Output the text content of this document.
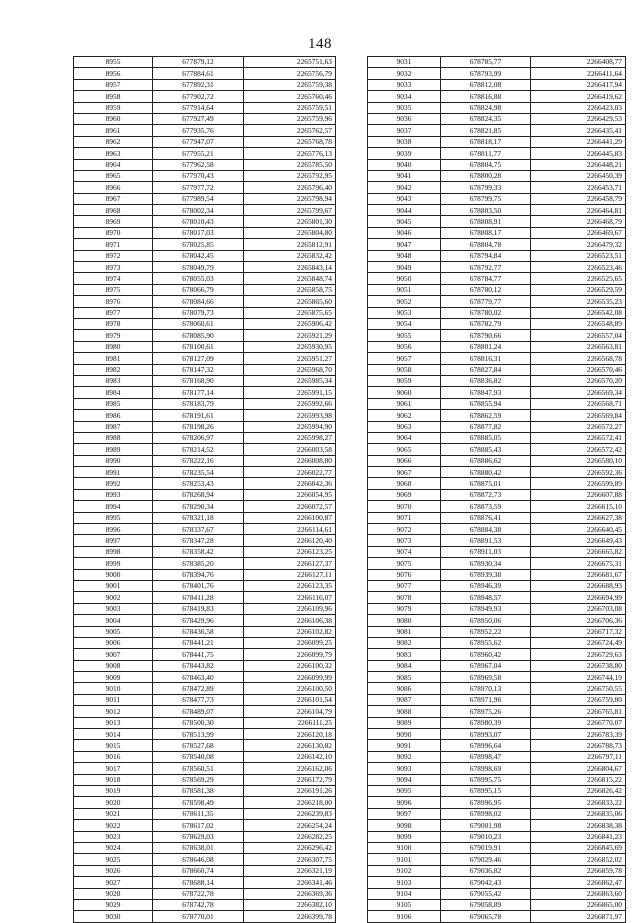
148
8955	677879,12	2265751,63
8956	677884,61	2265756,79
8957	677892,31	2265759,38
8958	677902,72	2265760,46
8959	677914,64	2265759,51
8960	677927,49	2265759,96
8961	677935,76	2265762,57
8962	677947,07	2265768,78
8963	677955,21	2265776,13
8964	677962,58	2265785,50
8965	677970,43	2265792,95
8966	677977,72	2265796,40
8967	677989,54	2265798,94
8968	678002,34	2265799,67
8969	678010,43	2265801,30
8970	678017,03	2265804,80
8971	678025,85	2265812,91
8972	678042,45	2265832,42
8973	678049,79	2265843,14
8974	678055,03	2265848,74
8975	678066,79	2265858,75
8976	678084,66	2265865,60
8977	678079,73	2265875,65
8978	678060,61	2265906,42
8979	678085,90	2265921,29
8980	678100,61	2265930,95
8981	678127,09	2265951,27
8982	678147,32	2265968,70
8983	678168,90	2265985,34
8984	678177,14	2265991,15
8985	678183,79	2265992,66
8986	678191,61	2265993,98
8987	678198,26	2265994,90
8988	678206,97	2265998,27
8989	678214,52	2266003,58
8990	678222,16	2266008,80
8991	678235,54	2266022,77
8992	678253,43	2266042,36
8993	678268,94	2266054,95
8994	678290,34	2266072,57
8995	678321,18	2266100,87
8996	678337,67	2266114,61
8997	678347,28	2266120,40
8998	678358,42	2266123,25
8999	678385,20	2266127,37
9000	678394,76	2266127,11
9001	678401,76	2266123,35
9002	678411,28	2266116,07
9003	678419,83	2266109,96
9004	678429,96	2266106,38
9005	678436,58	2266102,82
9006	678441,21	2266099,25
9007	678441,75	2266099,79
9008	678443,82	2266100,32
9009	678463,40	2266099,99
9010	678472,89	2266100,50
9011	678477,73	2266101,54
9012	678489,07	2266104,79
9013	678500,30	2266111,25
9014	678513,99	2266120,18
9015	678527,68	2266130,82
9016	678540,08	2266142,10
9017	678560,51	2266162,06
9018	678569,29	2266172,79
9019	678581,38	2266191,26
9020	678598,49	2266218,00
9021	678611,35	2266239,83
9022	678617,02	2266254,24
9023	678629,03	2266282,25
9024	678638,01	2266296,42
9025	678646,08	2266307,75
9026	678660,74	2266321,19
9027	678688,14	2266341,46
9028	678722,78	2266369,36
9029	678742,78	2266382,10
9030	678770,01	2266399,78
9031	678785,77	2266408,77
9032	678793,99	2266411,64
9033	678812,08	2266417,94
9034	678816,88	2266419,62
9035	678824,98	2266423,03
9036	678824,35	2266429,53
9037	678821,85	2266435,41
9038	678818,17	2266441,29
9039	678811,77	2266445,83
9040	678804,75	2266448,21
9041	678800,28	2266450,39
9042	678799,33	2266453,71
9043	678799,75	2266458,79
9044	678803,50	2266464,81
9045	678808,91	2266468,79
9046	678808,17	2266469,67
9047	678804,78	2266479,32
9048	678794,84	2266523,51
9049	678792,77	2266523,46
9050	678784,77	2266525,65
9051	678780,12	2266529,59
9052	678779,77	2266535,23
9053	678780,02	2266542,08
9054	678782,79	2266548,89
9055	678790,66	2266557,04
9056	678801,24	2266563,81
9057	678816,31	2266568,78
9058	678827,84	2266570,46
9059	678836,82	2266570,20
9060	678847,93	2266569,34
9061	678855,94	2266568,71
9062	678862,59	2266569,84
9063	678877,82	2266572,27
9064	678885,05	2266572,41
9065	678885,43	2266572,42
9066	678886,62	2266580,10
9067	678880,42	2266592,36
9068	678875,01	2266599,89
9069	678872,73	2266607,88
9070	678873,59	2266615,10
9071	678876,41	2266627,38
9072	678884,38	2266640,45
9073	678891,53	2266649,43
9074	678911,03	2266665,82
9075	678930,34	2266675,31
9076	678939,38	2266681,67
9077	678946,39	2266688,93
9078	678948,57	2266694,99
9079	678949,93	2266703,08
9080	678950,06	2266706,36
9081	678952,22	2266717,32
9082	678955,62	2266724,49
9083	678960,42	2266729,63
9084	678967,04	2266738,80
9085	678969,58	2266744,19
9086	678970,13	2266750,55
9087	678971,96	2266759,80
9088	678975,26	2266765,81
9089	678980,39	2266770,07
9090	678993,07	2266783,39
9091	678996,64	2266788,73
9092	678998,47	2266797,11
9093	678998,69	2266804,67
9094	678995,75	2266815,22
9095	678995,15	2266826,42
9096	678996,95	2266833,22
9097	678998,02	2266835,06
9098	679001,98	2266838,38
9099	679010,23	2266841,23
9100	679019,91	2266845,69
9101	679029,46	2266852,02
9102	679036,82	2266859,78
9103	679042,43	2266862,47
9104	679055,42	2266863,60
9105	679058,89	2266865,00
9106	679065,78	2266871,97
